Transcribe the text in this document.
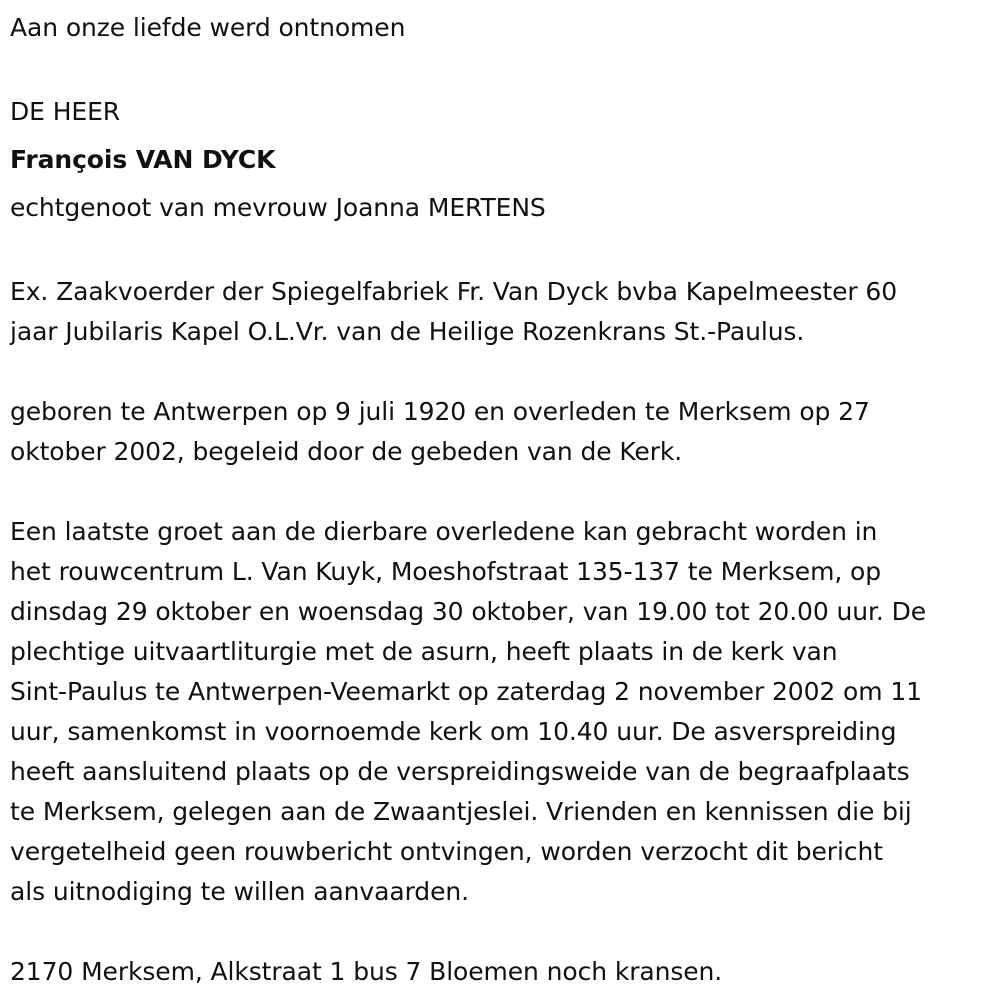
Aan onze liefde werd ontnomen
DE HEER
François VAN DYCK
echtgenoot van mevrouw Joanna MERTENS
Ex. Zaakvoerder der Spiegelfabriek Fr. Van Dyck bvba Kapelmeester 60
jaar Jubilaris Kapel O.L.Vr. van de Heilige Rozenkrans St.-Paulus.
geboren te Antwerpen op 9 juli 1920 en overleden te Merksem op 27
oktober 2002, begeleid door de gebeden van de Kerk.
Een laatste groet aan de dierbare overledene kan gebracht worden in
het rouwcentrum L. Van Kuyk, Moeshofstraat 135-137 te Merksem, op
dinsdag 29 oktober en woensdag 30 oktober, van 19.00 tot 20.00 uur. De
plechtige uitvaartliturgie met de asurn, heeft plaats in de kerk van
Sint-Paulus te Antwerpen-Veemarkt op zaterdag 2 november 2002 om 11
uur, samenkomst in voornoemde kerk om 10.40 uur. De asverspreiding
heeft aansluitend plaats op de verspreidingsweide van de begraafplaats
te Merksem, gelegen aan de Zwaantjeslei. Vrienden en kennissen die bij
vergetelheid geen rouwbericht ontvingen, worden verzocht dit bericht
als uitnodiging te willen aanvaarden.
2170 Merksem, Alkstraat 1 bus 7 Bloemen noch kransen.
